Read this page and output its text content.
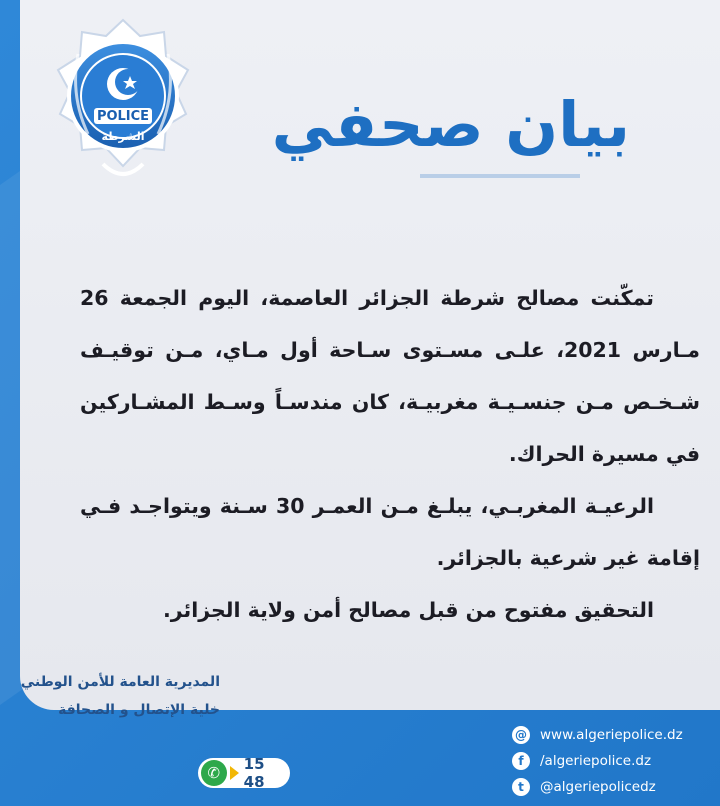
POLICE
الشرطة بيان صحفي

تمكّنت مصالح شرطة الجزائر العاصمة، اليوم الجمعة 26 مـارس 2021، علـى مسـتوى سـاحة أول مـاي، مـن توقيـف شـخـص مـن جنسـيـة مغربيـة، كان مندسـاً وسـط المشـاركين في مسيرة الحراك.

الرعيـة المغربـي، يبلـغ مـن العمـر 30 سـنة ويتواجـد فـي إقامة غير شرعية بالجزائر.

التحقيق مفتوح من قبل مصالح أمن ولاية الجزائر.

المديرية العامة للأمن الوطني
خلية الإتصال و الصحافة
✆	15 48
@ www.algeriepolice.dz
f	/algeriepolice.dz
t	@algeriepolicedz
